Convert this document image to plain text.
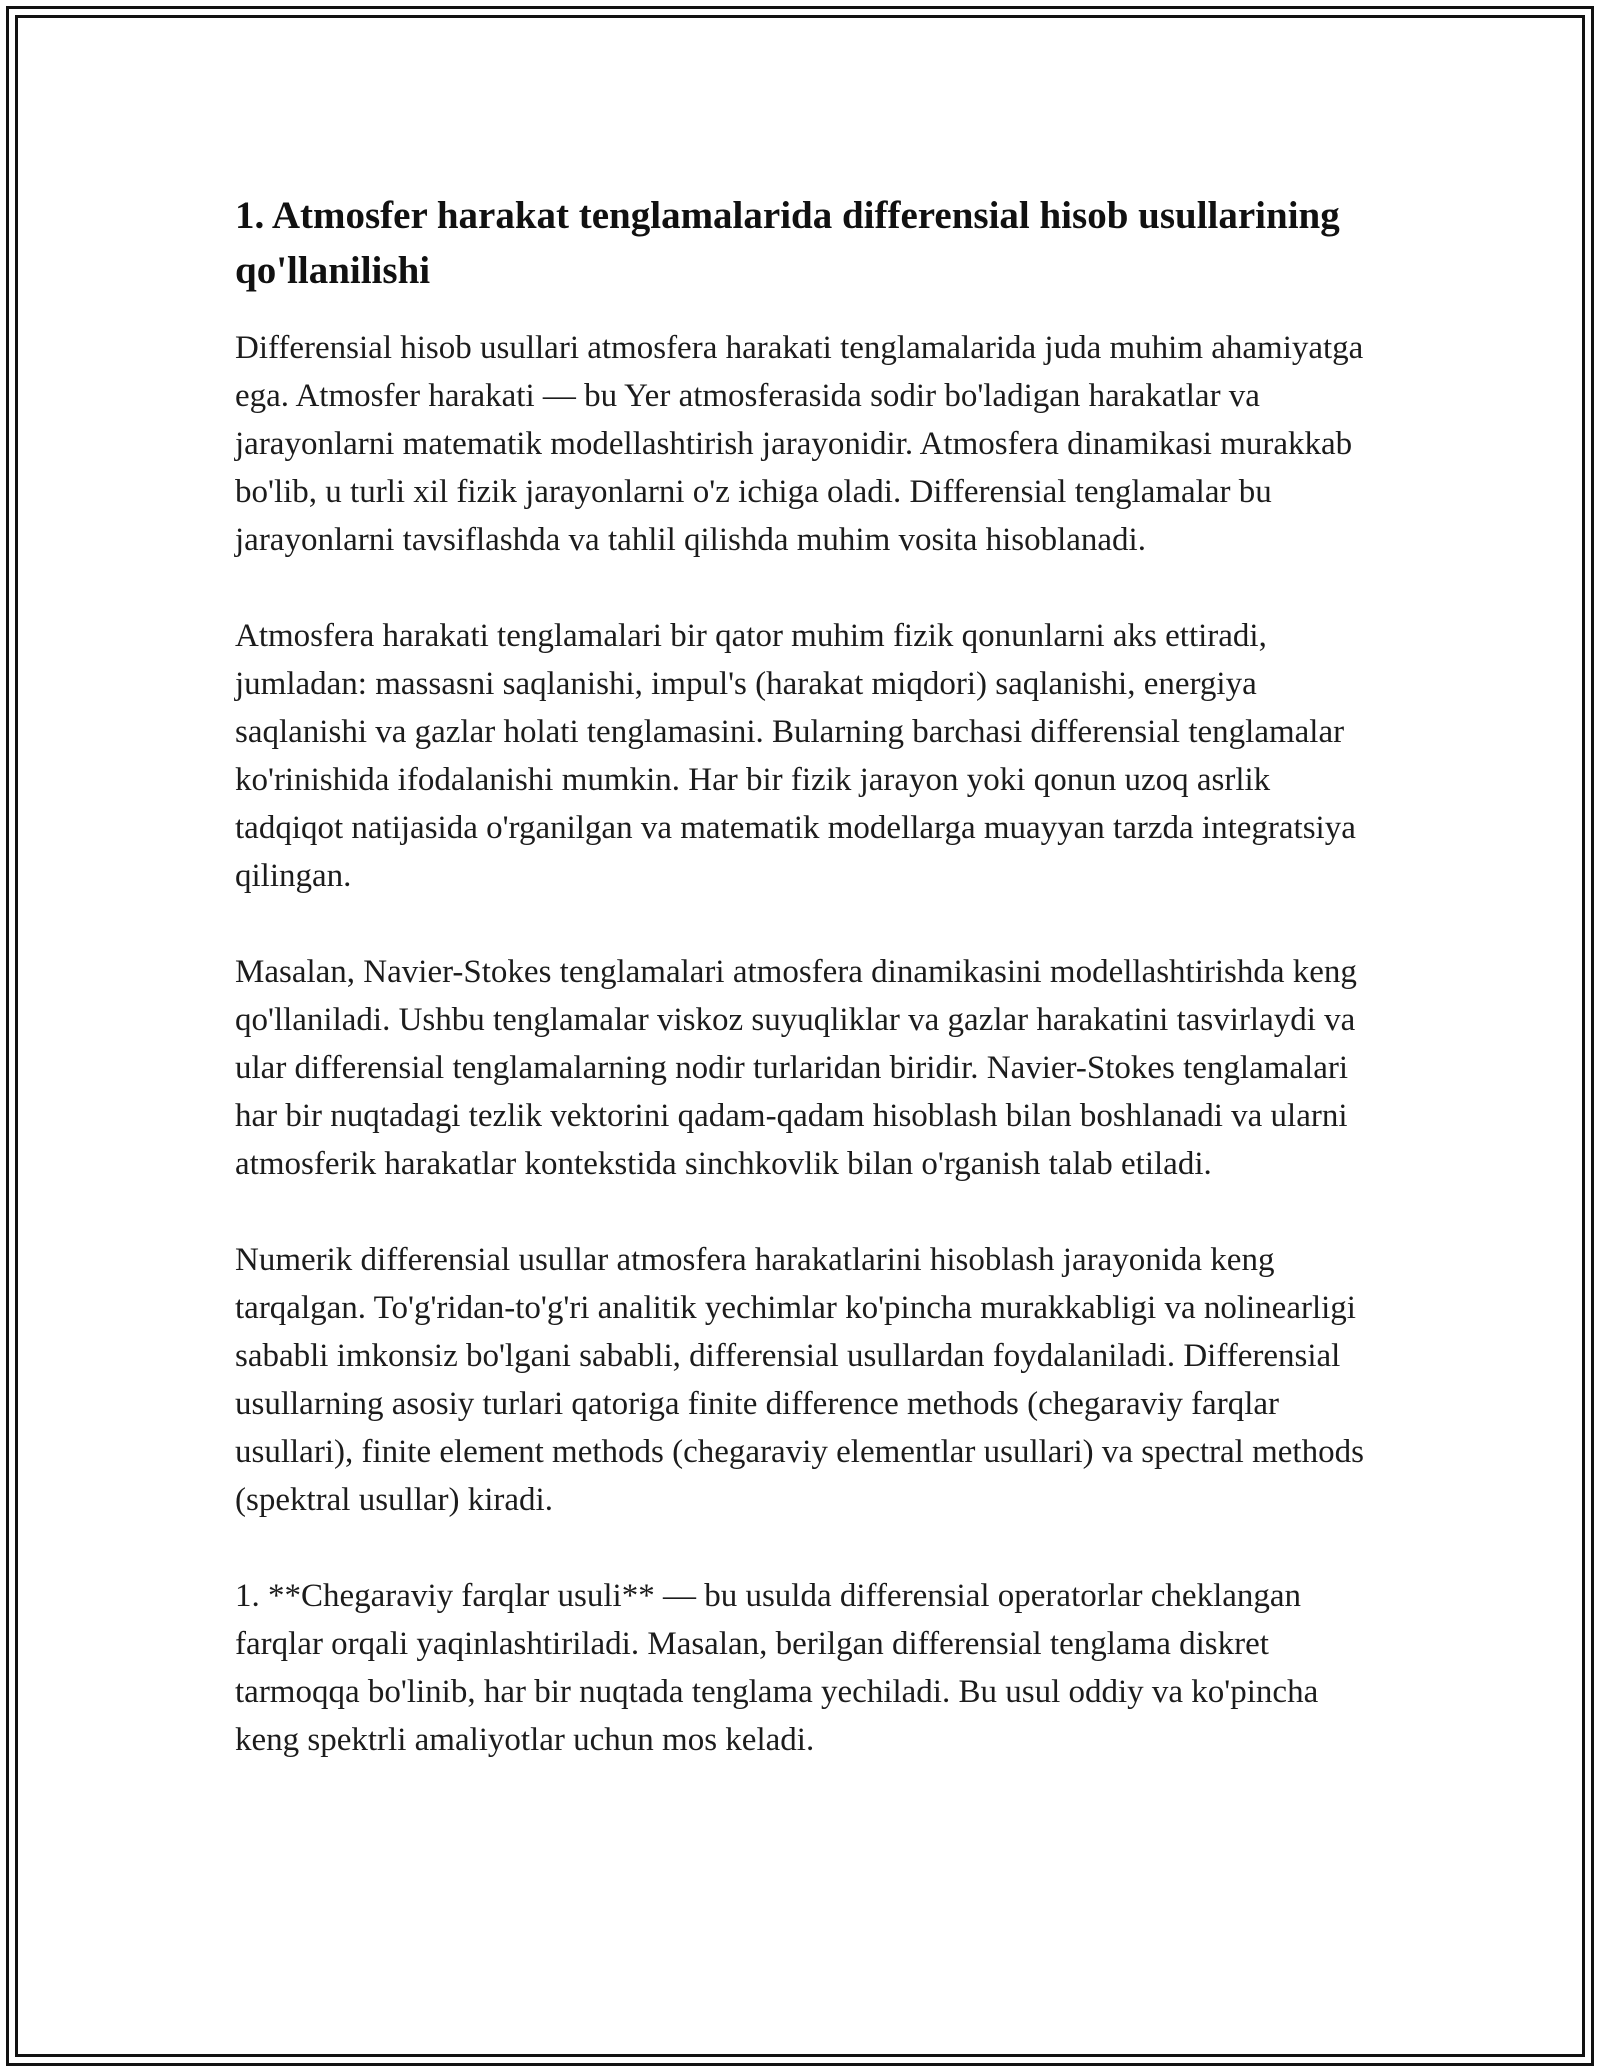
1. Atmosfer harakat tenglamalarida differensial hisob usullarining qo'llanilishi

Differensial hisob usullari atmosfera harakati tenglamalarida juda muhim ahamiyatga ega. Atmosfer harakati — bu Yer atmosferasida sodir bo'ladigan harakatlar va jarayonlarni matematik modellashtirish jarayonidir. Atmosfera dinamikasi murakkab bo'lib, u turli xil fizik jarayonlarni o'z ichiga oladi. Differensial tenglamalar bu jarayonlarni tavsiflashda va tahlil qilishda muhim vosita hisoblanadi.

Atmosfera harakati tenglamalari bir qator muhim fizik qonunlarni aks ettiradi, jumladan: massasni saqlanishi, impul's (harakat miqdori) saqlanishi, energiya saqlanishi va gazlar holati tenglamasini. Bularning barchasi differensial tenglamalar ko'rinishida ifodalanishi mumkin. Har bir fizik jarayon yoki qonun uzoq asrlik tadqiqot natijasida o'rganilgan va matematik modellarga muayyan tarzda integratsiya qilingan.

Masalan, Navier-Stokes tenglamalari atmosfera dinamikasini modellashtirishda keng qo'llaniladi. Ushbu tenglamalar viskoz suyuqliklar va gazlar harakatini tasvirlaydi va ular differensial tenglamalarning nodir turlaridan biridir. Navier-Stokes tenglamalari har bir nuqtadagi tezlik vektorini qadam-qadam hisoblash bilan boshlanadi va ularni atmosferik harakatlar kontekstida sinchkovlik bilan o'rganish talab etiladi.

Numerik differensial usullar atmosfera harakatlarini hisoblash jarayonida keng tarqalgan. To'g'ridan-to'g'ri analitik yechimlar ko'pincha murakkabligi va nolinearligi sababli imkonsiz bo'lgani sababli, differensial usullardan foydalaniladi. Differensial usullarning asosiy turlari qatoriga finite difference methods (chegaraviy farqlar usullari), finite element methods (chegaraviy elementlar usullari) va spectral methods (spektral usullar) kiradi.

1. **Chegaraviy farqlar usuli** — bu usulda differensial operatorlar cheklangan farqlar orqali yaqinlashtiriladi. Masalan, berilgan differensial tenglama diskret tarmoqqa bo'linib, har bir nuqtada tenglama yechiladi. Bu usul oddiy va ko'pincha keng spektrli amaliyotlar uchun mos keladi.
